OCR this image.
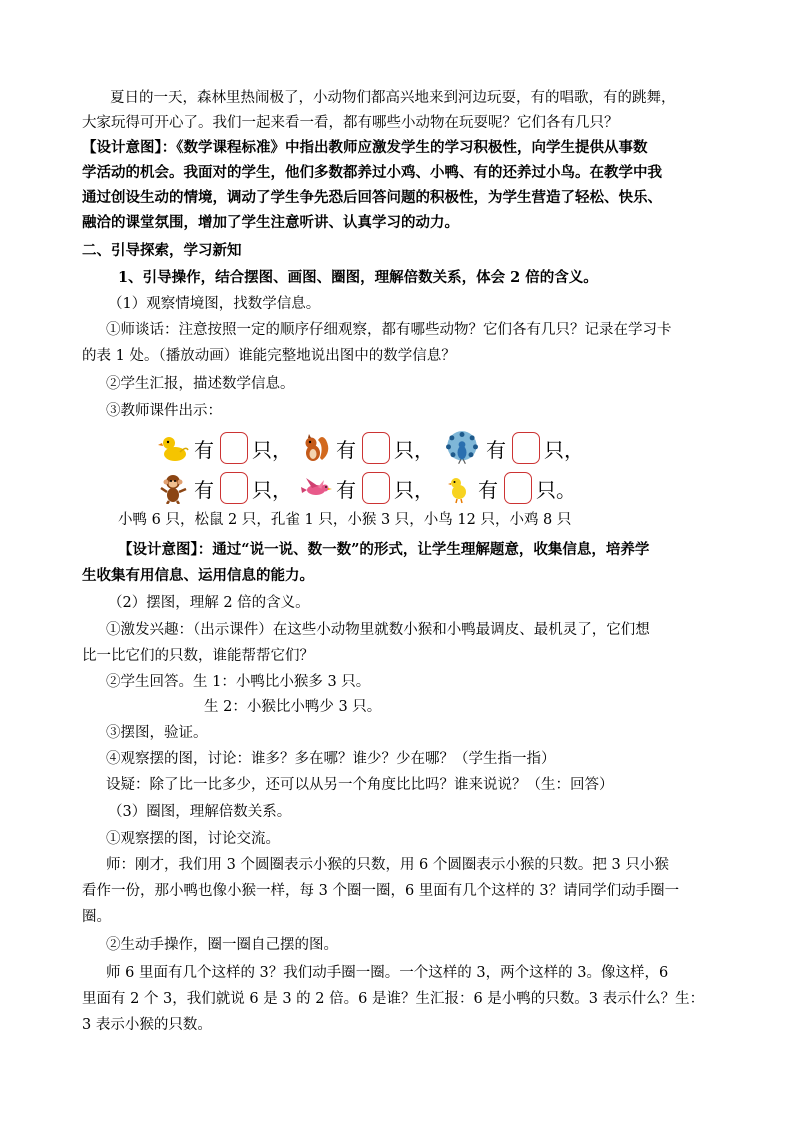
夏日的一天，森林里热闹极了，小动物们都高兴地来到河边玩耍，有的唱歌，有的跳舞，
大家玩得可开心了。我们一起来看一看，都有哪些小动物在玩耍呢？它们各有几只？
【设计意图】：《数学课程标准》中指出教师应激发学生的学习积极性，向学生提供从事数
学活动的机会。我面对的学生，他们多数都养过小鸡、小鸭、有的还养过小鸟。在教学中我
通过创设生动的情境，调动了学生争先恐后回答问题的积极性，为学生营造了轻松、快乐、
融洽的课堂氛围，增加了学生注意听讲、认真学习的动力。
二、引导探索，学习新知
1、引导操作，结合摆图、画图、圈图，理解倍数关系，体会 2 倍的含义。
（1）观察情境图，找数学信息。
①师谈话：注意按照一定的顺序仔细观察，都有哪些动物？它们各有几只？记录在学习卡
的表 1 处。（播放动画）谁能完整地说出图中的数学信息？
②学生汇报，描述数学信息。
③教师课件出示：
有 只， 有 只，	有 只，
有 只， 有 只， 有 只。
小鸭 6 只，松鼠 2 只，孔雀 1 只，小猴 3 只，小鸟 12 只，小鸡 8 只
【设计意图】：通过“说一说、数一数”的形式，让学生理解题意，收集信息，培养学
生收集有用信息、运用信息的能力。
（2）摆图，理解 2 倍的含义。
①激发兴趣：（出示课件）在这些小动物里就数小猴和小鸭最调皮、最机灵了，它们想
比一比它们的只数，谁能帮帮它们？
②学生回答。生 1：小鸭比小猴多 3 只。
生 2：小猴比小鸭少 3 只。
③摆图，验证。
④观察摆的图，讨论：谁多？多在哪？谁少？少在哪？（学生指一指）
设疑：除了比一比多少，还可以从另一个角度比比吗？谁来说说？（生：回答）
（3）圈图，理解倍数关系。
①观察摆的图，讨论交流。
师：刚才，我们用 3 个圆圈表示小猴的只数，用 6 个圆圈表示小猴的只数。把 3 只小猴
看作一份，那小鸭也像小猴一样，每 3 个圈一圈，6 里面有几个这样的 3？请同学们动手圈一
圈。
②生动手操作，圈一圈自己摆的图。
师 6 里面有几个这样的 3？我们动手圈一圈。一个这样的 3，两个这样的 3。像这样，6
里面有 2 个 3，我们就说 6 是 3 的 2 倍。6 是谁？生汇报：6 是小鸭的只数。3 表示什么？生：
3 表示小猴的只数。
